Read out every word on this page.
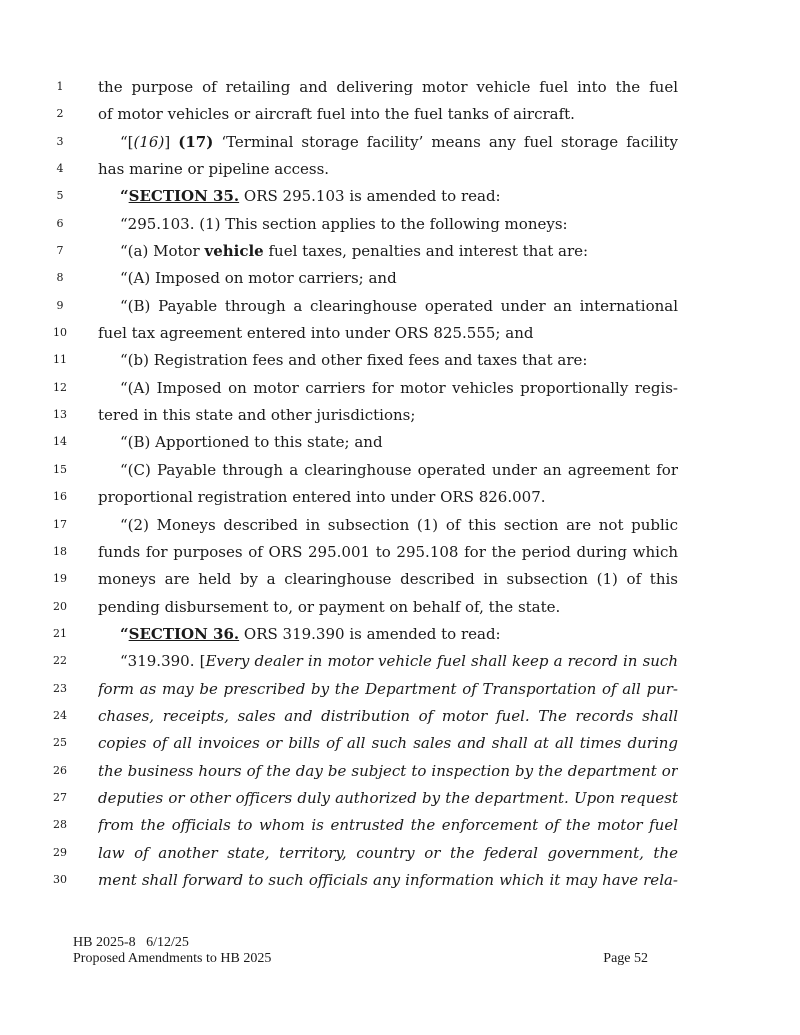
1	the purpose of retailing and delivering motor vehicle fuel into the fuel
2	of motor vehicles or aircraft fuel into the fuel tanks of aircraft.
3	“[(16)] (17) ‘Terminal storage facility’ means any fuel storage facility
4	has marine or pipeline access.
5	“SECTION 35. ORS 295.103 is amended to read:
6	“295.103. (1) This section applies to the following moneys:
7	“(a) Motor vehicle fuel taxes, penalties and interest that are:
8	“(A) Imposed on motor carriers; and
9	“(B) Payable through a clearinghouse operated under an international
10	fuel tax agreement entered into under ORS 825.555; and
11	“(b) Registration fees and other fixed fees and taxes that are:
12	“(A) Imposed on motor carriers for motor vehicles proportionally regis-
13	tered in this state and other jurisdictions;
14	“(B) Apportioned to this state; and
15	“(C) Payable through a clearinghouse operated under an agreement for
16	proportional registration entered into under ORS 826.007.
17	“(2) Moneys described in subsection (1) of this section are not public
18	funds for purposes of ORS 295.001 to 295.108 for the period during which
19	moneys are held by a clearinghouse described in subsection (1) of this
20	pending disbursement to, or payment on behalf of, the state.
21	“SECTION 36. ORS 319.390 is amended to read:
22	“319.390. [Every dealer in motor vehicle fuel shall keep a record in such
23	form as may be prescribed by the Department of Transportation of all pur-
24	chases, receipts, sales and distribution of motor fuel. The records shall
25	copies of all invoices or bills of all such sales and shall at all times during
26	the business hours of the day be subject to inspection by the department or
27	deputies or other officers duly authorized by the department. Upon request
28	from the officials to whom is entrusted the enforcement of the motor fuel
29	law of another state, territory, country or the federal government, the
30	ment shall forward to such officials any information which it may have rela-
HB 2025-8 6/12/25
Proposed Amendments to HB 2025	Page 52
